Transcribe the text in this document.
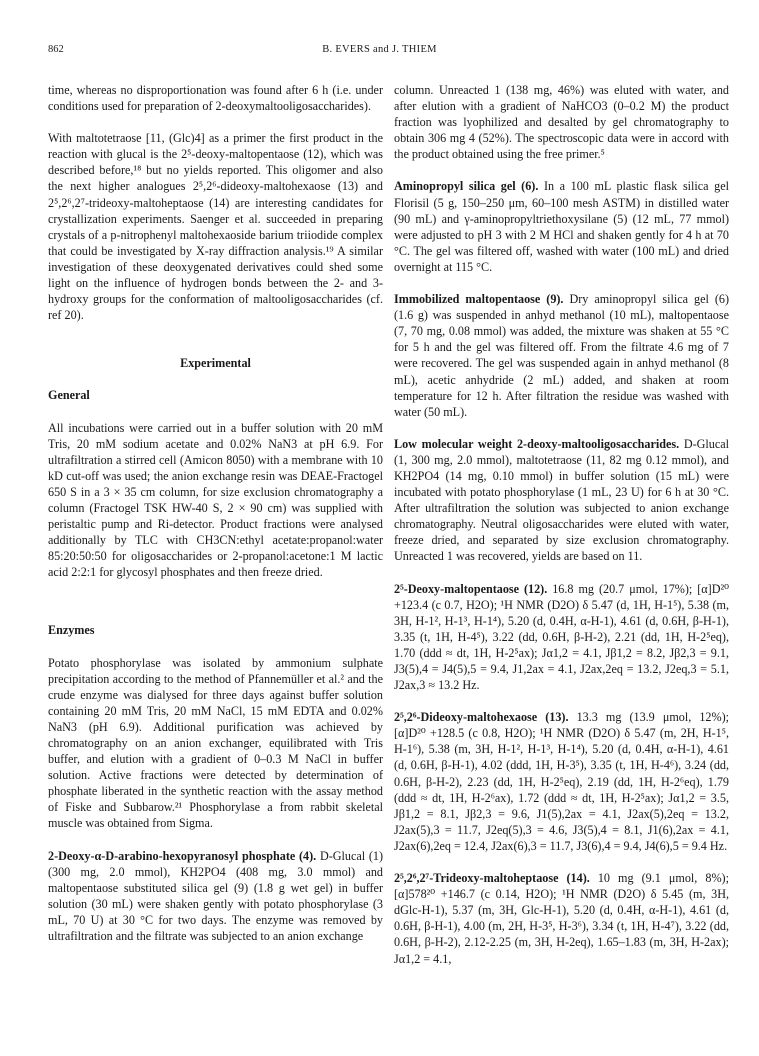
862	B. EVERS and J. THIEM

time, whereas no disproportionation was found after 6 h (i.e. under conditions used for preparation of 2-deoxymaltooligosaccharides).

With maltotetraose [11, (Glc)4] as a primer the first product in the reaction with glucal is the 2⁵-deoxy-maltopentaose (12), which was described before,¹⁸ but no yields reported. This oligomer and also the next higher analogues 2⁵,2⁶-dideoxy-maltohexaose (13) and 2⁵,2⁶,2⁷-trideoxy-maltoheptaose (14) are interesting candidates for crystallization experiments. Saenger et al. succeeded in preparing crystals of a p-nitrophenyl maltohexaoside barium triiodide complex that could be investigated by X-ray diffraction analysis.¹⁹ A similar investigation of these deoxygenated derivatives could shed some light on the influence of hydrogen bonds between the 2- and 3-hydroxy groups for the conformation of maltooligosaccharides (cf. ref 20).

Experimental

General

All incubations were carried out in a buffer solution with 20 mM Tris, 20 mM sodium acetate and 0.02% NaN3 at pH 6.9. For ultrafiltration a stirred cell (Amicon 8050) with a membrane with 10 kD cut-off was used; the anion exchange resin was DEAE-Fractogel 650 S in a 3 × 35 cm column, for size exclusion chromatography a column (Fractogel TSK HW-40 S, 2 × 90 cm) was supplied with peristaltic pump and Ri-detector. Product fractions were analysed additionally by TLC with CH3CN:ethyl acetate:propanol:water 85:20:50:50 for oligosaccharides or 2-propanol:acetone:1 M lactic acid 2:2:1 for glycosyl phosphates and then freeze dried.

Enzymes

Potato phosphorylase was isolated by ammonium sulphate precipitation according to the method of Pfannemüller et al.² and the crude enzyme was dialysed for three days against buffer solution containing 20 mM Tris, 20 mM NaCl, 15 mM EDTA and 0.02% NaN3 (pH 6.9). Additional purification was achieved by chromatography on an anion exchanger, equilibrated with Tris buffer, and elution with a gradient of 0–0.3 M NaCl in buffer solution. Active fractions were detected by determination of phosphate liberated in the synthetic reaction with the assay method of Fiske and Subbarow.²¹ Phosphorylase a from rabbit skeletal muscle was obtained from Sigma.

2-Deoxy-α-D-arabino-hexopyranosyl phosphate (4). D-Glucal (1) (300 mg, 2.0 mmol), KH2PO4 (408 mg, 3.0 mmol) and maltopentaose substituted silica gel (9) (1.8 g wet gel) in buffer solution (30 mL) were shaken gently with potato phosphorylase (3 mL, 70 U) at 30 °C for two days. The enzyme was removed by ultrafiltration and the filtrate was subjected to an anion exchange

column. Unreacted 1 (138 mg, 46%) was eluted with water, and after elution with a gradient of NaHCO3 (0–0.2 M) the product fraction was lyophilized and desalted by gel chromatography to obtain 306 mg 4 (52%). The spectroscopic data were in accord with the product obtained using the free primer.⁵

Aminopropyl silica gel (6). In a 100 mL plastic flask silica gel Florisil (5 g, 150–250 μm, 60–100 mesh ASTM) in distilled water (90 mL) and γ-aminopropyltriethoxysilane (5) (12 mL, 77 mmol) were adjusted to pH 3 with 2 M HCl and shaken gently for 4 h at 70 °C. The gel was filtered off, washed with water (100 mL) and dried overnight at 115 °C.

Immobilized maltopentaose (9). Dry aminopropyl silica gel (6) (1.6 g) was suspended in anhyd methanol (10 mL), maltopentaose (7, 70 mg, 0.08 mmol) was added, the mixture was shaken at 55 °C for 5 h and the gel was filtered off. From the filtrate 4.6 mg of 7 were recovered. The gel was suspended again in anhyd methanol (8 mL), acetic anhydride (2 mL) added, and shaken at room temperature for 12 h. After filtration the residue was washed with water (50 mL).

Low molecular weight 2-deoxy-maltooligosaccharides. D-Glucal (1, 300 mg, 2.0 mmol), maltotetraose (11, 82 mg 0.12 mmol), and KH2PO4 (14 mg, 0.10 mmol) in buffer solution (15 mL) were incubated with potato phosphorylase (1 mL, 23 U) for 6 h at 30 °C. After ultrafiltration the solution was subjected to anion exchange chromatography. Neutral oligosaccharides were eluted with water, freeze dried, and separated by size exclusion chromatography. Unreacted 1 was recovered, yields are based on 11.

2⁵-Deoxy-maltopentaose (12). 16.8 mg (20.7 μmol, 17%); [α]D²⁰ +123.4 (c 0.7, H2O); ¹H NMR (D2O) δ 5.47 (d, 1H, H-1⁵), 5.38 (m, 3H, H-1², H-1³, H-1⁴), 5.20 (d, 0.4H, α-H-1), 4.61 (d, 0.6H, β-H-1), 3.35 (t, 1H, H-4⁵), 3.22 (dd, 0.6H, β-H-2), 2.21 (dd, 1H, H-2⁵eq), 1.70 (ddd ≈ dt, 1H, H-2⁵ax); Jα1,2 = 4.1, Jβ1,2 = 8.2, Jβ2,3 = 9.1, J3(5),4 = J4(5),5 = 9.4, J1,2ax = 4.1, J2ax,2eq = 13.2, J2eq,3 = 5.1, J2ax,3 ≈ 13.2 Hz.

2⁵,2⁶-Dideoxy-maltohexaose (13). 13.3 mg (13.9 μmol, 12%); [α]D²⁰ +128.5 (c 0.8, H2O); ¹H NMR (D2O) δ 5.47 (m, 2H, H-1⁵, H-1⁶), 5.38 (m, 3H, H-1², H-1³, H-1⁴), 5.20 (d, 0.4H, α-H-1), 4.61 (d, 0.6H, β-H-1), 4.02 (ddd, 1H, H-3⁵), 3.35 (t, 1H, H-4⁶), 3.24 (dd, 0.6H, β-H-2), 2.23 (dd, 1H, H-2⁵eq), 2.19 (dd, 1H, H-2⁶eq), 1.79 (ddd ≈ dt, 1H, H-2⁶ax), 1.72 (ddd ≈ dt, 1H, H-2⁵ax); Jα1,2 = 3.5, Jβ1,2 = 8.1, Jβ2,3 = 9.6, J1(5),2ax = 4.1, J2ax(5),2eq = 13.2, J2ax(5),3 = 11.7, J2eq(5),3 = 4.6, J3(5),4 = 8.1, J1(6),2ax = 4.1, J2ax(6),2eq = 12.4, J2ax(6),3 = 11.7, J3(6),4 = 9.4, J4(6),5 = 9.4 Hz.

2⁵,2⁶,2⁷-Trideoxy-maltoheptaose (14). 10 mg (9.1 μmol, 8%); [α]578²⁰ +146.7 (c 0.14, H2O); ¹H NMR (D2O) δ 5.45 (m, 3H, dGlc-H-1), 5.37 (m, 3H, Glc-H-1), 5.20 (d, 0.4H, α-H-1), 4.61 (d, 0.6H, β-H-1), 4.00 (m, 2H, H-3⁵, H-3⁶), 3.34 (t, 1H, H-4⁷), 3.22 (dd, 0.6H, β-H-2), 2.12-2.25 (m, 3H, H-2eq), 1.65–1.83 (m, 3H, H-2ax); Jα1,2 = 4.1,
